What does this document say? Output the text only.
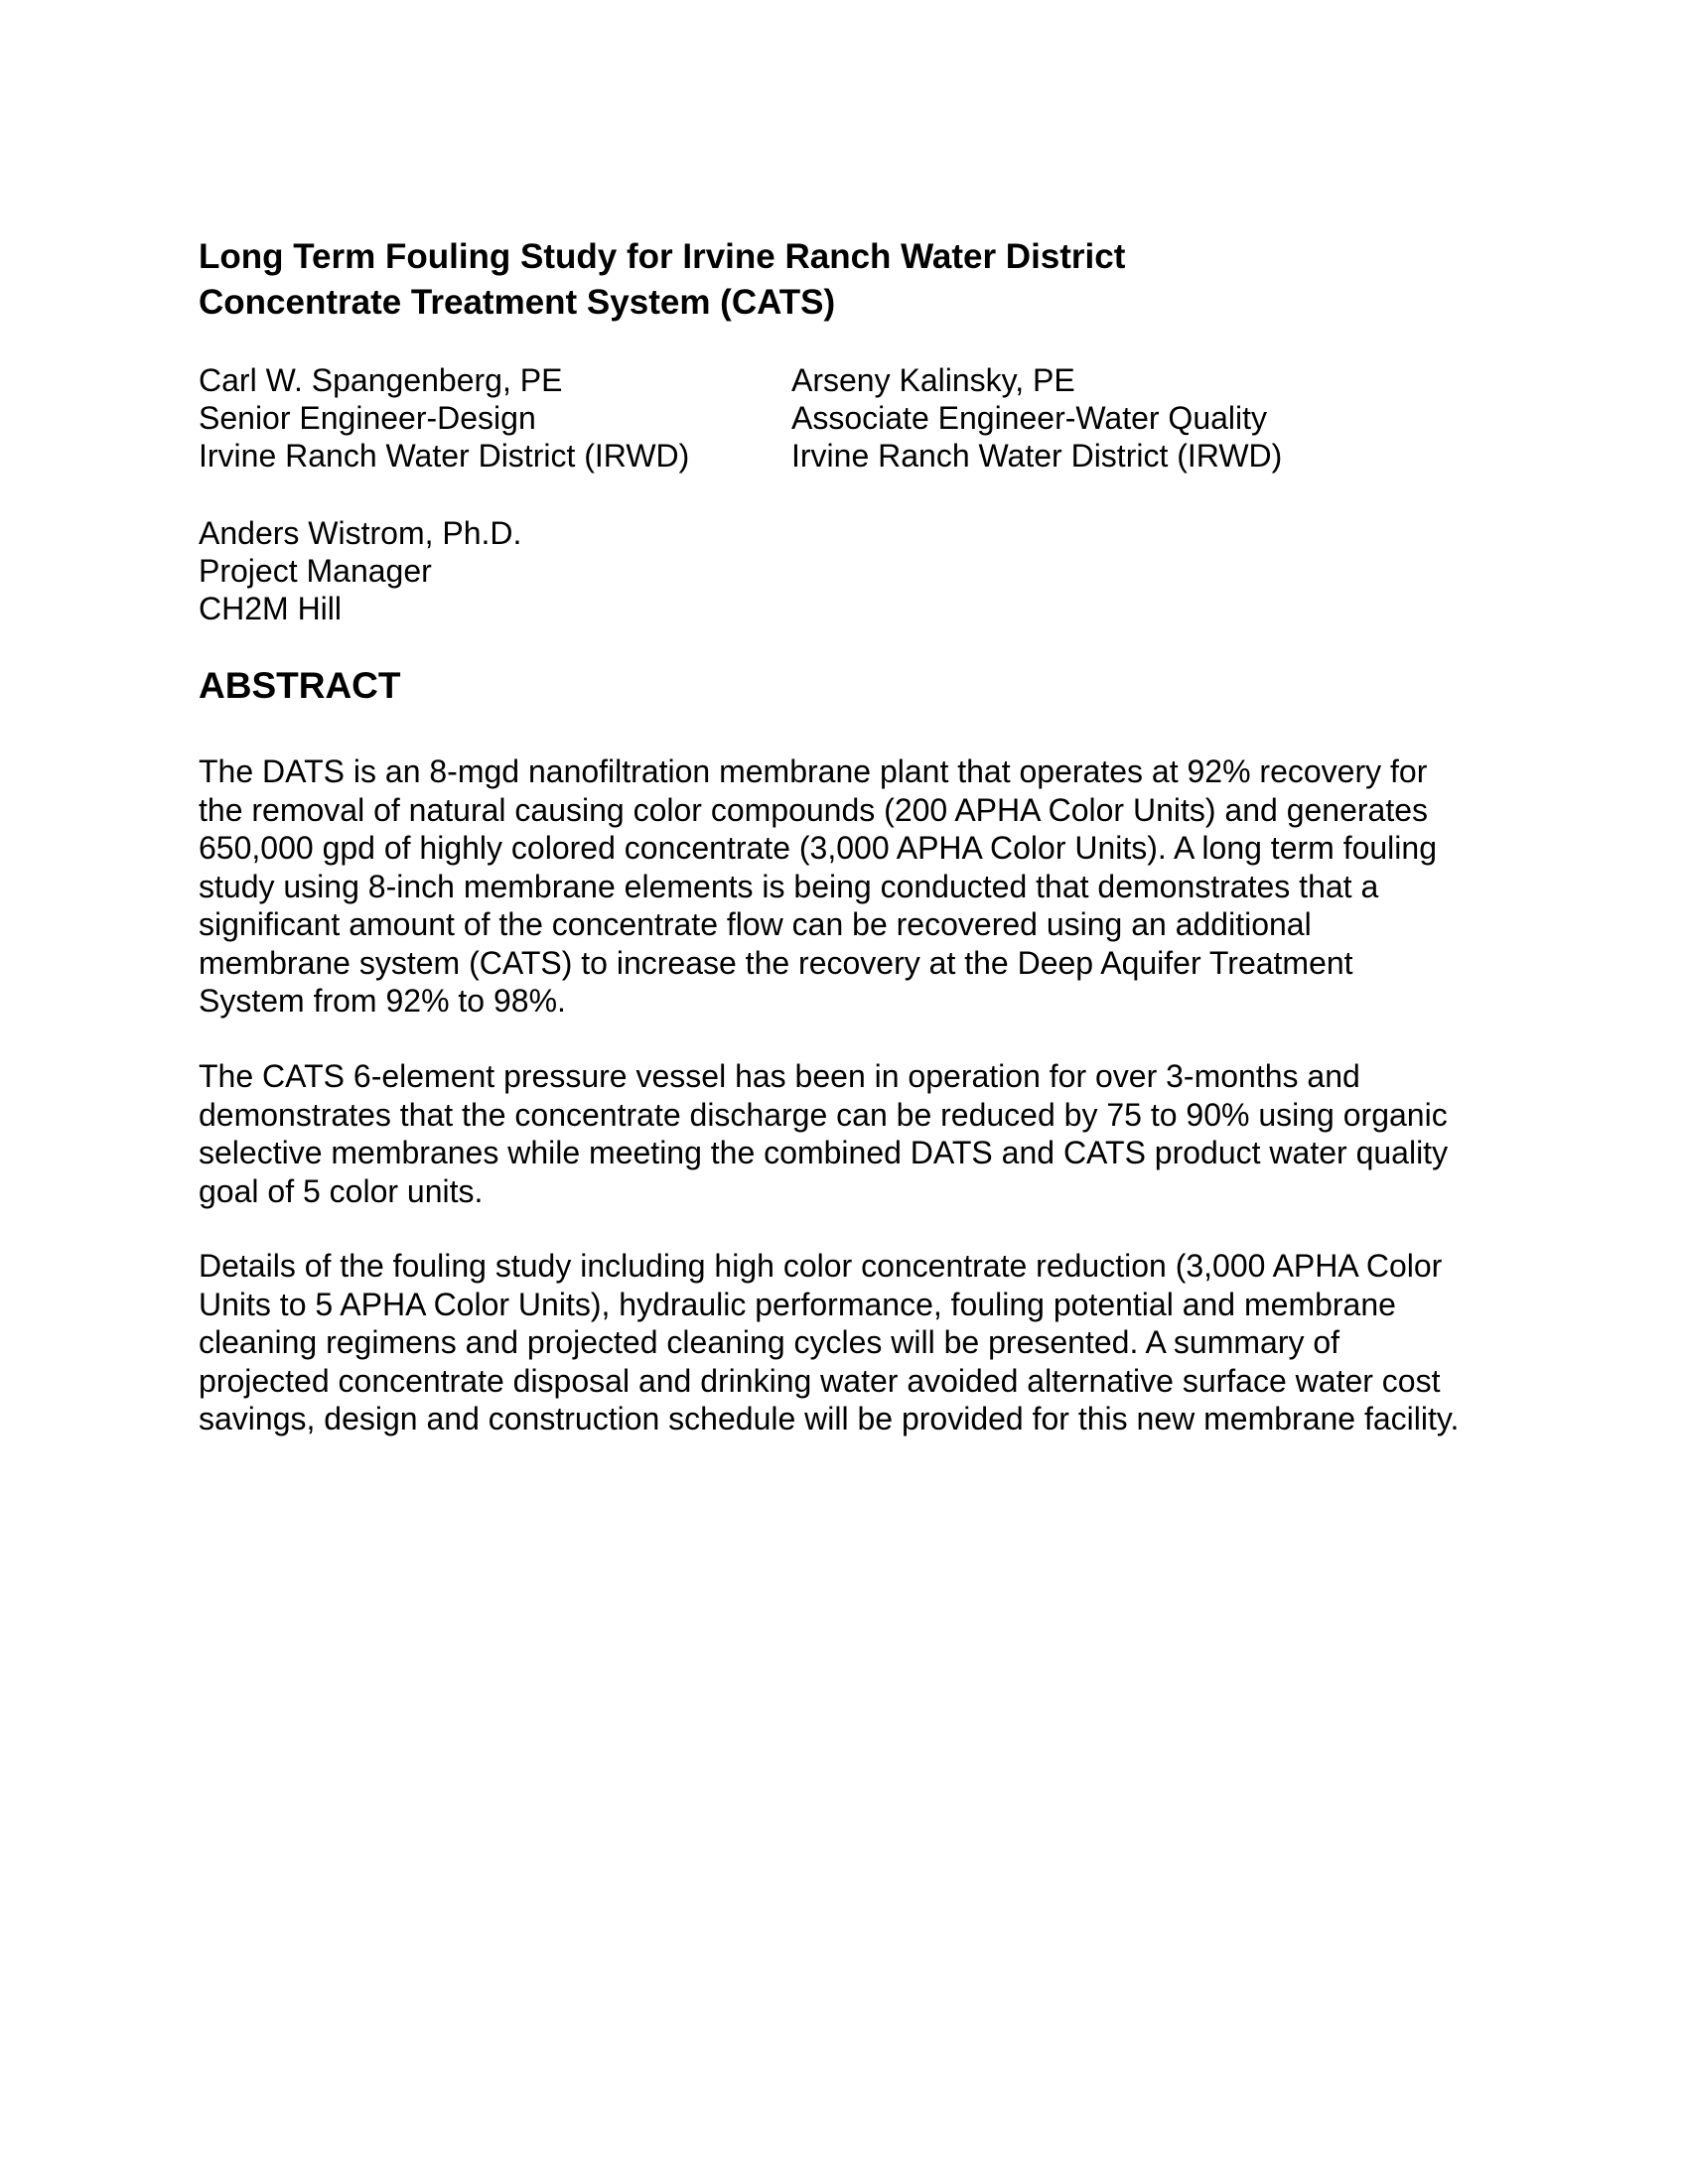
Long Term Fouling Study for Irvine Ranch Water District
Concentrate Treatment System (CATS)
Carl W. Spangenberg, PE
Senior Engineer-Design
Irvine Ranch Water District (IRWD)
Arseny Kalinsky, PE
Associate Engineer-Water Quality
Irvine Ranch Water District (IRWD)
Anders Wistrom, Ph.D.
Project Manager
CH2M Hill
ABSTRACT
The DATS is an 8-mgd nanofiltration membrane plant that operates at 92% recovery for
the removal of natural causing color compounds (200 APHA Color Units) and generates
650,000 gpd of highly colored concentrate (3,000 APHA Color Units). A long term fouling
study using 8-inch membrane elements is being conducted that demonstrates that a
significant amount of the concentrate flow can be recovered using an additional
membrane system (CATS) to increase the recovery at the Deep Aquifer Treatment
System from 92% to 98%.
The CATS 6-element pressure vessel has been in operation for over 3-months and
demonstrates that the concentrate discharge can be reduced by 75 to 90% using organic
selective membranes while meeting the combined DATS and CATS product water quality
goal of 5 color units.
Details of the fouling study including high color concentrate reduction (3,000 APHA Color
Units to 5 APHA Color Units), hydraulic performance, fouling potential and membrane
cleaning regimens and projected cleaning cycles will be presented. A summary of
projected concentrate disposal and drinking water avoided alternative surface water cost
savings, design and construction schedule will be provided for this new membrane facility.
